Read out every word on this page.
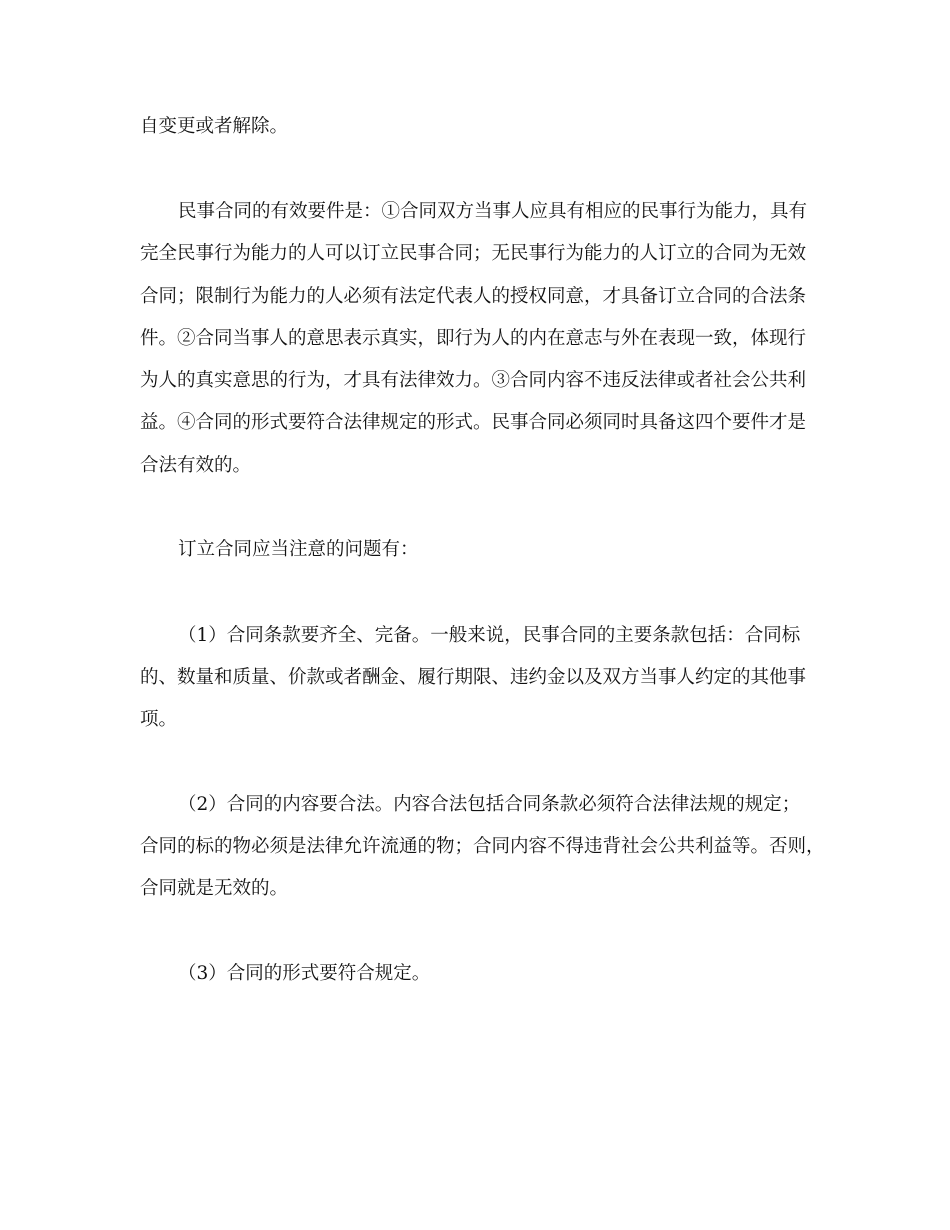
自变更或者解除。
民事合同的有效要件是：①合同双方当事人应具有相应的民事行为能力，具有
完全民事行为能力的人可以订立民事合同；无民事行为能力的人订立的合同为无效
合同；限制行为能力的人必须有法定代表人的授权同意，才具备订立合同的合法条
件。②合同当事人的意思表示真实，即行为人的内在意志与外在表现一致，体现行
为人的真实意思的行为，才具有法律效力。③合同内容不违反法律或者社会公共利
益。④合同的形式要符合法律规定的形式。民事合同必须同时具备这四个要件才是
合法有效的。
订立合同应当注意的问题有：
（1）合同条款要齐全、完备。一般来说，民事合同的主要条款包括：合同标
的、数量和质量、价款或者酬金、履行期限、违约金以及双方当事人约定的其他事
项。
（2）合同的内容要合法。内容合法包括合同条款必须符合法律法规的规定；
合同的标的物必须是法律允许流通的物；合同内容不得违背社会公共利益等。否则，
合同就是无效的。
（3）合同的形式要符合规定。
